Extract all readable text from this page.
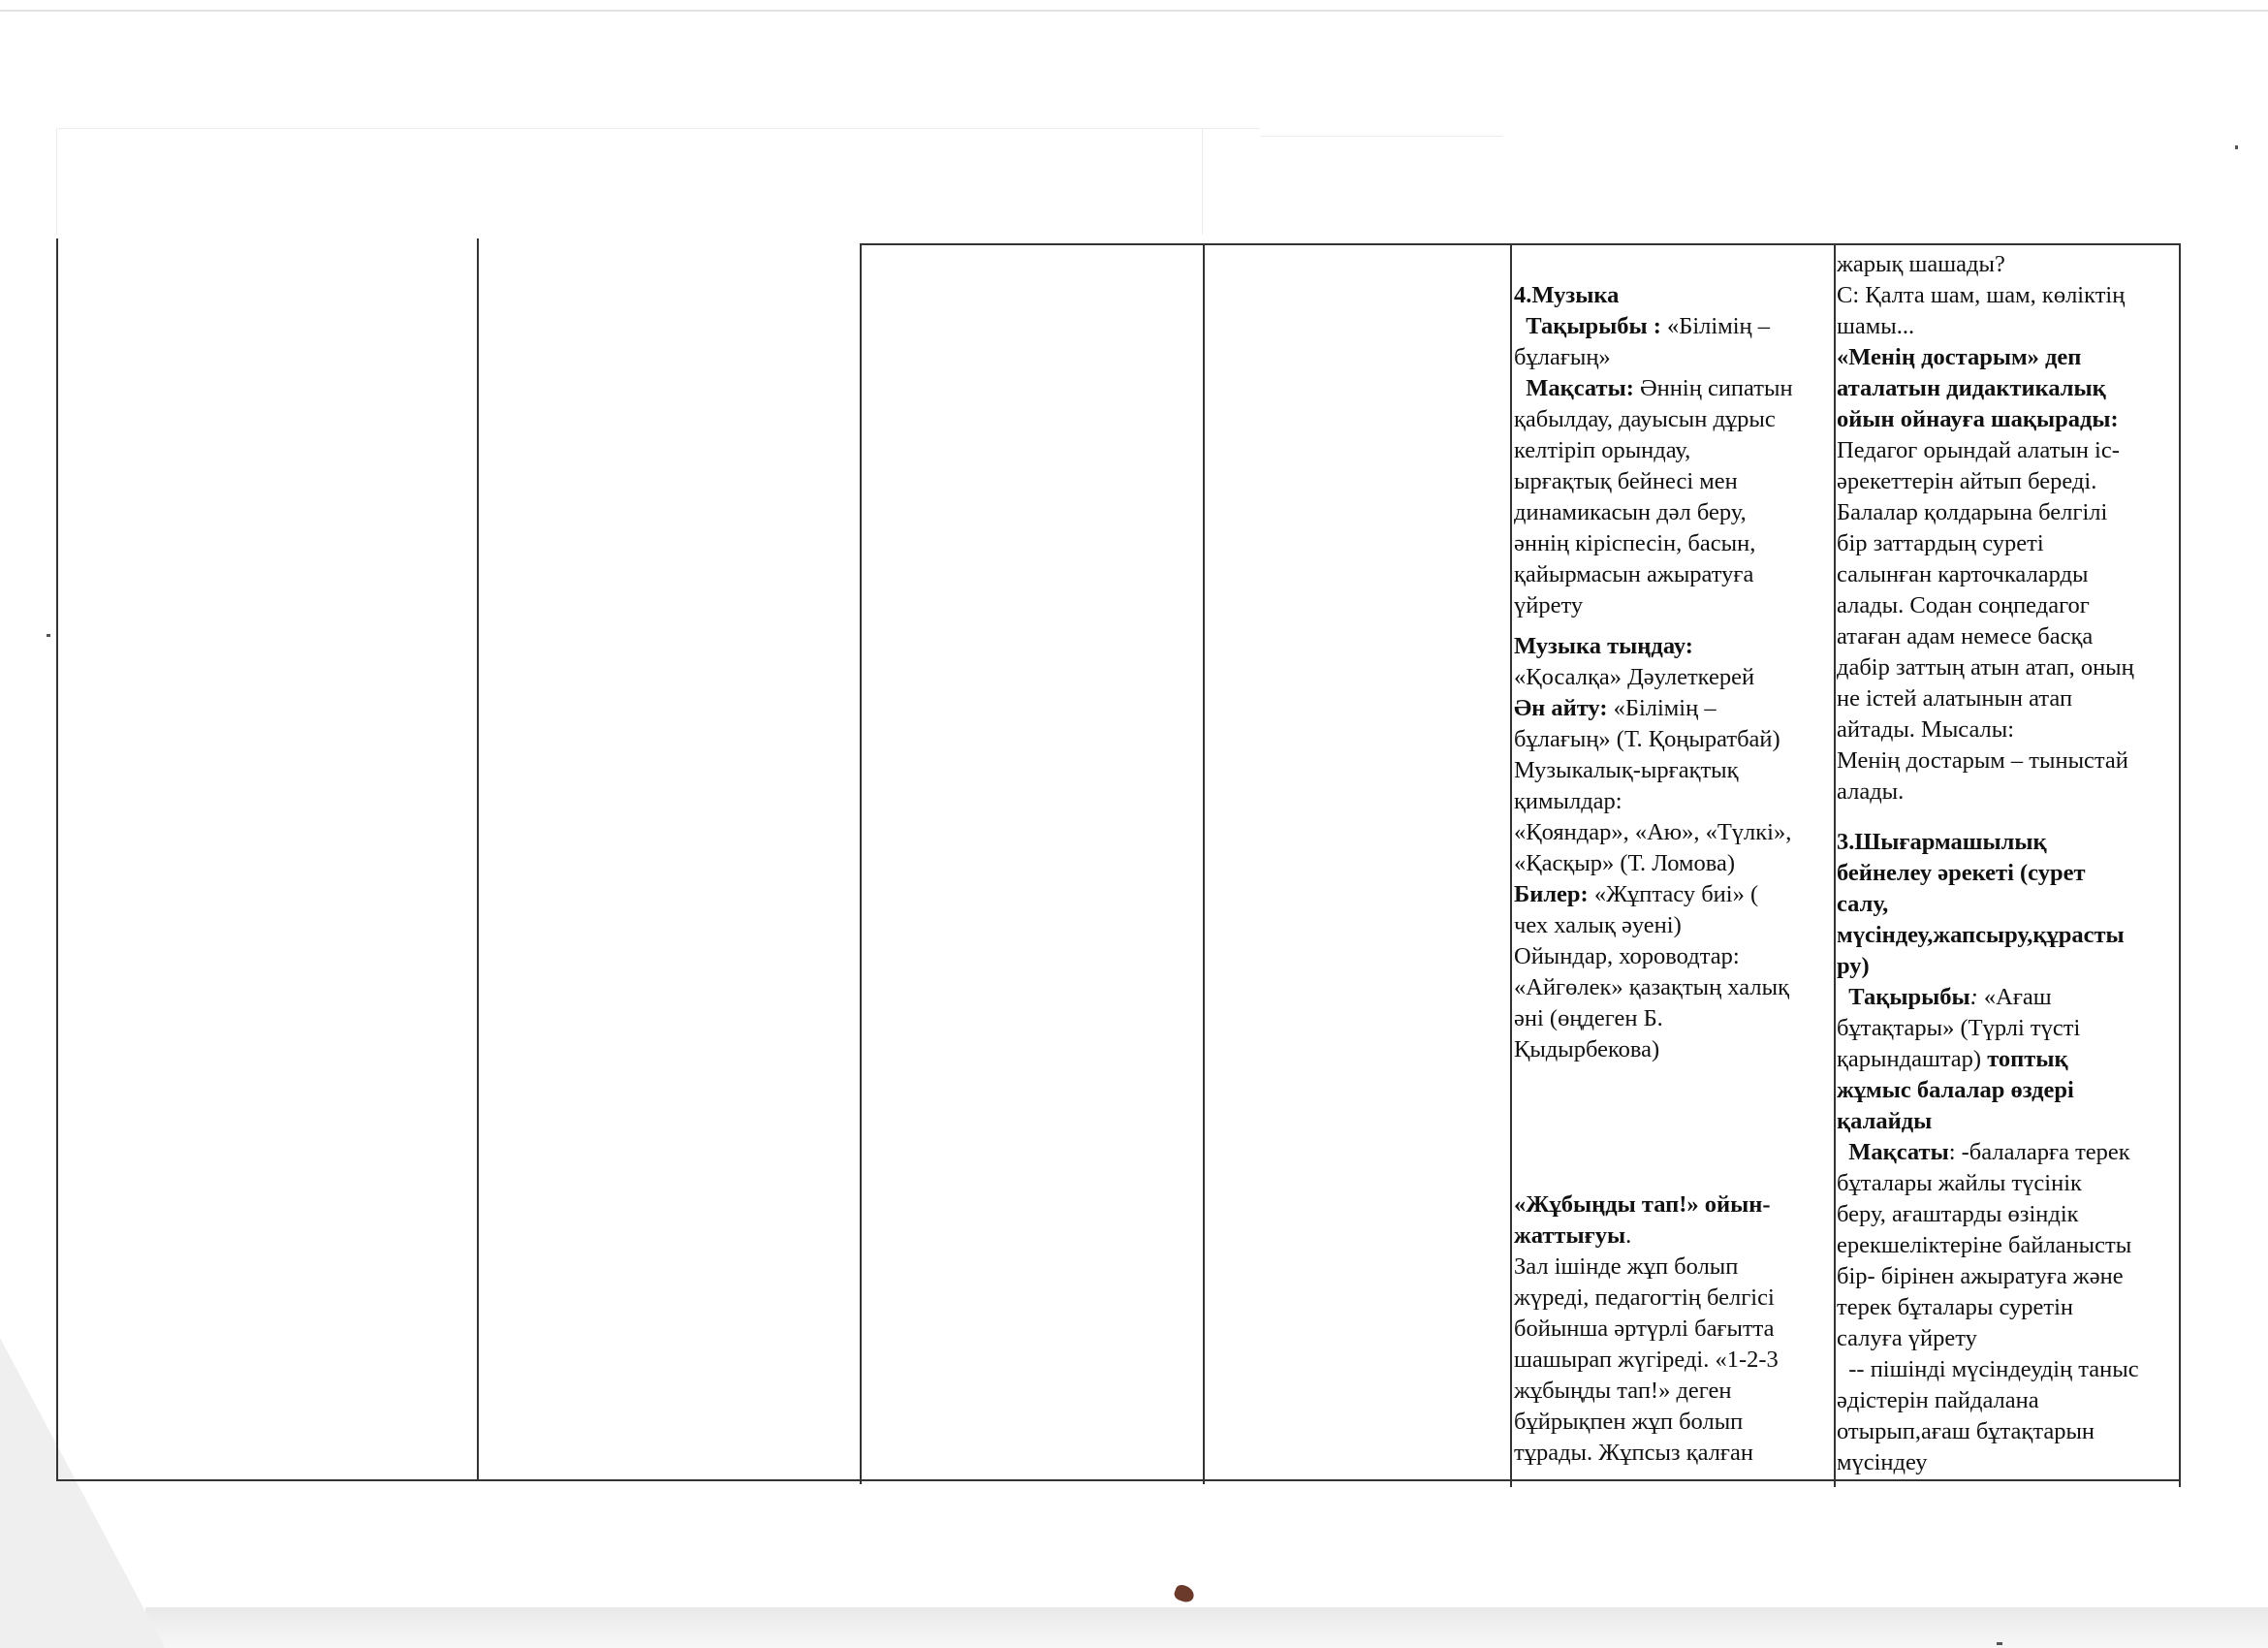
4.Музыка
Тақырыбы : «Білімің –
бұлағың»
Мақсаты: Әннің сипатын
қабылдау, дауысын дұрыс
келтіріп орындау,
ырғақтық бейнесі мен
динамикасын дәл беру,
әннің кіріспесін, басын,
қайырмасын ажыратуға
үйрету
Музыка тыңдау:
«Қосалқа» Дәулеткерей
Ән айту: «Білімің –
бұлағың» (Т. Қоңыратбай)
Музыкалық-ырғақтық
қимылдар:
«Қояндар», «Аю», «Түлкі»,
«Қасқыр» (Т. Ломова)
Билер: «Жұптасу биі» (
чех халық әуені)
Ойындар, хороводтар:
«Айгөлек» қазақтың халық
әні (өңдеген Б.
Қыдырбекова)
«Жұбыңды тап!» ойын-
жаттығуы.
Зал ішінде жұп болып
жүреді, педагогтің белгісі
бойынша әртүрлі бағытта
шашырап жүгіреді. «1-2-3
жұбыңды тап!» деген
бұйрықпен жұп болып
тұрады. Жұпсыз қалған
жарық шашады?
С: Қалта шам, шам, көліктің
шамы...
«Менің достарым» деп
аталатын дидактикалық
ойын ойнауға шақырады:
Педагог орындай алатын іс-
әрекеттерін айтып береді.
Балалар қолдарына белгілі
бір заттардың суреті
салынған карточкаларды
алады. Содан соңпедагог
атаған адам немесе басқа
дабір заттың атын атап, оның
не істей алатынын атап
айтады. Мысалы:
Менің достарым – тыныстай
алады.
3.Шығармашылық
бейнелеу әрекеті (сурет
салу,
мүсіндеу,жапсыру,құрасты
ру)
Тақырыбы: «Ағаш
бұтақтары» (Түрлі түсті
қарындаштар) топтық
жұмыс балалар өздері
қалайды
Мақсаты: -балаларға терек
бұталары жайлы түсінік
беру, ағаштарды өзіндік
ерекшеліктеріне байланысты
бір- бірінен ажыратуға және
терек бұталары суретін
салуға үйрету
-- пішінді мүсіндеудің таныс
әдістерін пайдалана
отырып,ағаш бұтақтарын
мүсіндеу
